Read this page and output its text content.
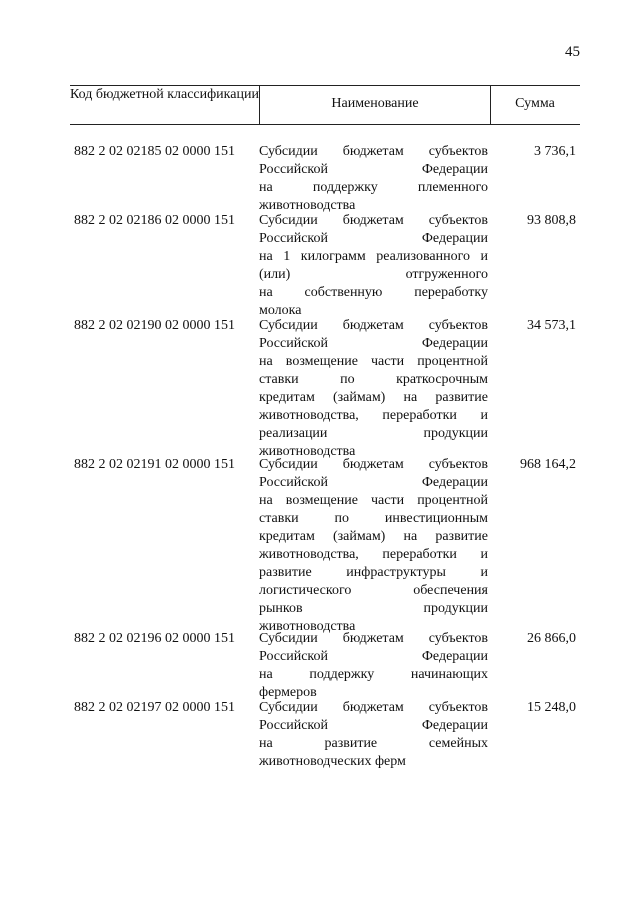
45
Код бюджетной классификации
Наименование	Сумма
882 2 02 02185 02 0000 151 Субсидии бюджетам субъектов
Российской Федерации
на поддержку племенного
животноводства
3 736,1
882 2 02 02186 02 0000 151 Субсидии бюджетам субъектов
Российской Федерации
на 1 килограмм реализованного и
(или) отгруженного
на собственную переработку
молока
93 808,8
882 2 02 02190 02 0000 151 Субсидии бюджетам субъектов
Российской Федерации
на возмещение части процентной
ставки по краткосрочным
кредитам (займам) на развитие
животноводства, переработки и
реализации продукции
животноводства
34 573,1
882 2 02 02191 02 0000 151 Субсидии бюджетам субъектов
Российской Федерации
на возмещение части процентной
ставки по инвестиционным
кредитам (займам) на развитие
животноводства, переработки и
развитие инфраструктуры и
логистического обеспечения
рынков продукции
животноводства
968 164,2
882 2 02 02196 02 0000 151 Субсидии бюджетам субъектов
Российской Федерации
на поддержку начинающих
фермеров
26 866,0
882 2 02 02197 02 0000 151 Субсидии бюджетам субъектов
Российской Федерации
на развитие семейных
животноводческих ферм
15 248,0
